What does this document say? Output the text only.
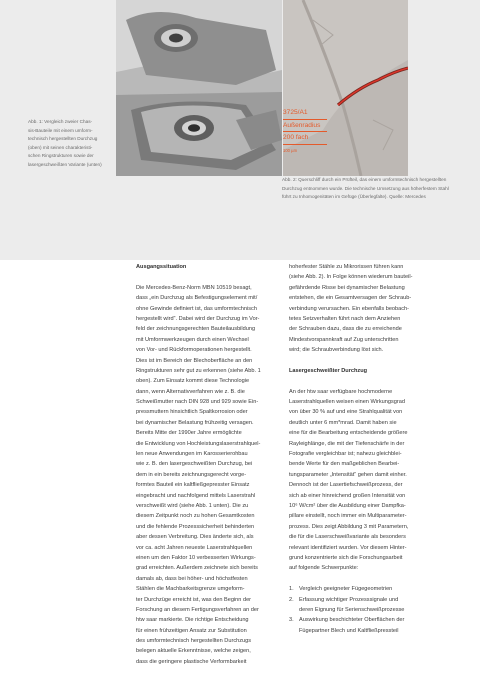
3725/A1
Außenradius
200 fach
100 µm
Abb. 1: Vergleich zweier Chas-
sis-Bauteile mit einem umform-
technisch hergestellten Durchzug
(oben) mit seinen charakteristi-
schen Ringstrukturen sowie der
lasergeschweißten Variante (unten)
Abb. 2: Querschliff durch ein Prüfteil, das einem umformtechnisch hergestellten
Durchzug entnommen wurde. Die technische Umsetzung aus höherfestem Stahl
führt zu Inhomogenitäten im Gefüge (Überlegfalte). Quelle: Mercedes
Ausgangssituation
Die Mercedes-Benz-Norm MBN 10519 besagt,
dass „ein Durchzug als Befestigungselement mit/
ohne Gewinde definiert ist, das umformtechnisch
hergestellt wird“. Dabei wird der Durchzug im Vor-
feld der zeichnungsgerechten Bauteilausbildung
mit Umformwerkzeugen durch einen Wechsel
von Vor- und Rückformoperationen hergestellt.
Dies ist im Bereich der Blechoberfläche an den
Ringstrukturen sehr gut zu erkennen (siehe Abb. 1
oben). Zum Einsatz kommt diese Technologie
dann, wenn Alternativverfahren wie z. B. die
Schweißmutter nach DIN 928 und 929 sowie Ein-
pressmuttern hinsichtlich Spaltkorrosion oder
bei dynamischer Belastung frühzeitig versagen.
Bereits Mitte der 1990er Jahre ermöglichte
die Entwicklung von Hochleistungslaserstrahlquel-
len neue Anwendungen im Karosserierohbau
wie z. B. den lasergeschweißten Durchzug, bei
dem in ein bereits zeichnungsgerecht vorge-
formtes Bauteil ein kaltfließgepresster Einsatz
eingebracht und nachfolgend mittels Laserstrahl
verschweißt wird (siehe Abb. 1 unten). Die zu
diesem Zeitpunkt noch zu hohen Gesamtkosten
und die fehlende Prozesssicherheit behinderten
aber dessen Verbreitung. Dies änderte sich, als
vor ca. acht Jahren neueste Laserstrahlquellen
einen um den Faktor 10 verbesserten Wirkungs-
grad erreichten. Außerdem zeichnete sich bereits
damals ab, dass bei höher- und höchstfesten
Stählen die Machbarkeitsgrenze umgeform-
ter Durchzüge erreicht ist, was den Beginn der
Forschung an diesem Fertigungsverfahren an der
htw saar markierte. Die richtige Entscheidung
für einen frühzeitigen Ansatz zur Substitution
des umformtechnisch hergestellten Durchzugs
belegen aktuelle Erkenntnisse, welche zeigen,
dass die geringere plastische Verformbarkeit
hoherfester Stähle zu Mikrorissen führen kann
(siehe Abb. 2). In Folge können wiederum bauteil-
gefährdende Risse bei dynamischer Belastung
entstehen, die ein Gesamtversagen der Schraub-
verbindung verursachen. Ein ebenfalls beobach-
tetes Setzverhalten führt nach dem Anziehen
der Schrauben dazu, dass die zu erreichende
Mindestvorspannkraft auf Zug unterschritten
wird; die Schraubverbindung löst sich.
Lasergeschweißter Durchzug
An der htw saar verfügbare hochmoderne
Laserstrahlquellen weisen einen Wirkungsgrad
von über 30 % auf und eine Strahlqualität von
deutlich unter 6 mm*mrad. Damit haben sie
eine für die Bearbeitung entscheidende größere
Rayleighlänge, die mit der Tiefenschärfe in der
Fotografie vergleichbar ist; nahezu gleichblei-
bende Werte für den maßgeblichen Bearbei-
tungsparameter „Intensität“ gehen damit einher.
Dennoch ist der Lasertiefschweißprozess, der
sich ab einer hinreichend großen Intensität von
10⁶ W/cm² über die Ausbildung einer Dampfka-
pillare einstellt, noch immer ein Multiparameter-
prozess. Dies zeigt Abbildung 3 mit Parametern,
die für die Laserschweißvariante als besonders
relevant identifiziert wurden. Vor diesem Hinter-
grund konzentrierte sich die Forschungsarbeit
auf folgende Schwerpunkte:
1. Vergleich geeigneter Fügegeometrien
2. Erfassung wichtiger Prozesssignale und
deren Eignung für Serienschweißprozesse
3. Auswirkung beschichteter Oberflächen der
Fügepartner Blech und Kaltfließpressteil
